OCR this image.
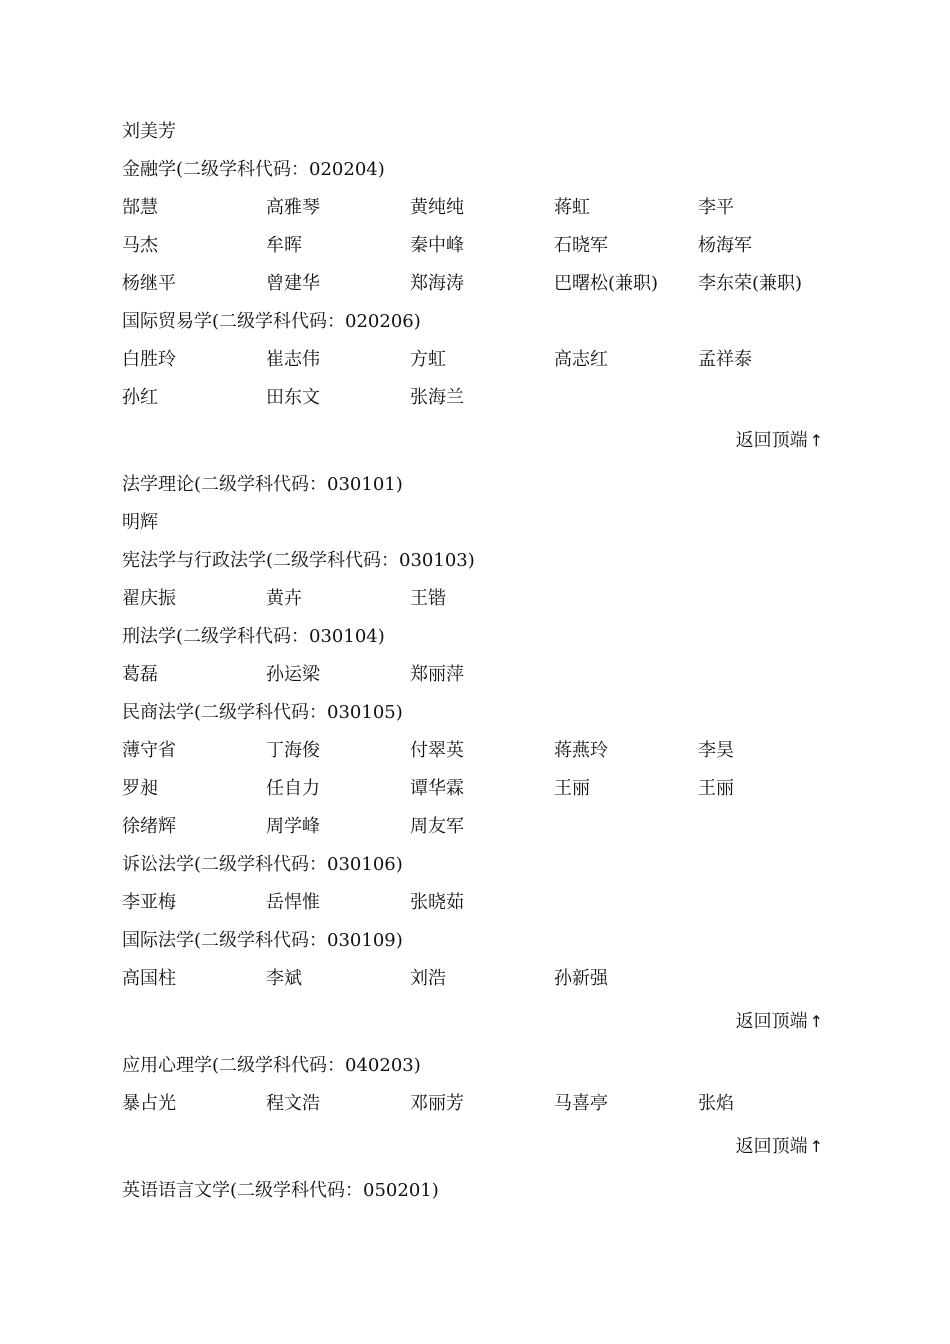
刘美芳
金融学(二级学科代码：020204)
郜慧	高雅琴	黄纯纯	蒋虹	李平
马杰	牟晖	秦中峰	石晓军	杨海军
杨继平	曾建华	郑海涛	巴曙松(兼职) 李东荣(兼职)
国际贸易学(二级学科代码：020206)
白胜玲	崔志伟	方虹	高志红	孟祥泰
孙红	田东文	张海兰
返回顶端 ↑
法学理论(二级学科代码：030101)
明辉
宪法学与行政法学(二级学科代码：030103)
翟庆振	黄卉	王锴
刑法学(二级学科代码：030104)
葛磊	孙运梁	郑丽萍
民商法学(二级学科代码：030105)
薄守省	丁海俊	付翠英	蒋燕玲	李昊
罗昶	任自力	谭华霖	王丽	王丽
徐绪辉	周学峰	周友军
诉讼法学(二级学科代码：030106)
李亚梅	岳悍惟	张晓茹
国际法学(二级学科代码：030109)
高国柱	李斌	刘浩	孙新强
返回顶端 ↑
应用心理学(二级学科代码：040203)
暴占光	程文浩	邓丽芳	马喜亭	张焰
返回顶端 ↑
英语语言文学(二级学科代码：050201)
